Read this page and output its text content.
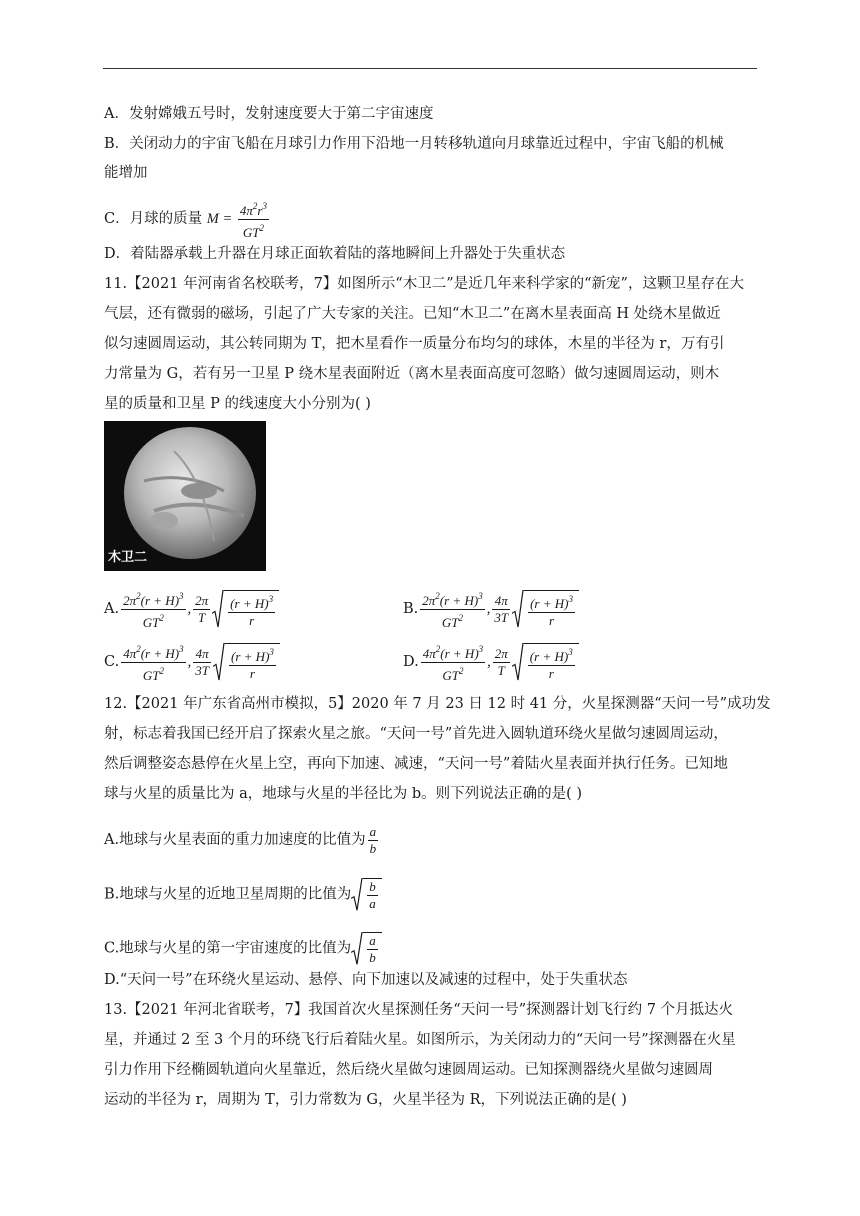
A．发射嫦娥五号时，发射速度要大于第二宇宙速度
B．关闭动力的宇宙飞船在月球引力作用下沿地一月转移轨道向月球靠近过程中，宇宙飞船的机械
能增加
C．月球的质量 $M = \frac{4\pi^2r^3}{GT^2}$
D．着陆器承载上升器在月球正面软着陆的落地瞬间上升器处于失重状态
11.【2021 年河南省名校联考，7】如图所示“木卫二”是近几年来科学家的“新宠”，这颗卫星存在大
气层，还有微弱的磁场，引起了广大专家的关注。已知“木卫二”在离木星表面高 H 处绕木星做近
似匀速圆周运动，其公转同期为 T，把木星看作一质量分布均匀的球体，木星的半径为 r，万有引
力常量为 G，若有另一卫星 P 绕木星表面附近（离木星表面高度可忽略）做匀速圆周运动，则木
星的质量和卫星 P 的线速度大小分别为( )
木卫二
A. $\frac{2\pi^2(r + H)^3}{GT^2}$ , $\frac{2\pi}{T} \frac{(r + H)^3}{r}$	B. $\frac{2\pi^2(r + H)^3}{GT^2}$ , $\frac{4\pi}{3T} \frac{(r + H)^3}{r}$
C. $\frac{4\pi^2(r + H)^3}{GT^2}$ , $\frac{4\pi}{3T} \frac{(r + H)^3}{r}$	D. $\frac{4\pi^2(r + H)^3}{GT^2}$ , $\frac{2\pi}{T} \frac{(r + H)^3}{r}$
12.【2021 年广东省高州市模拟，5】2020 年 7 月 23 日 12 时 41 分，火星探测器“天问一号”成功发
射，标志着我国已经开启了探索火星之旅。“天问一号”首先进入圆轨道环绕火星做匀速圆周运动，
然后调整姿态悬停在火星上空，再向下加速、减速，“天问一号”着陆火星表面并执行任务。已知地
球与火星的质量比为 a，地球与火星的半径比为 b。则下列说法正确的是( )
A.地球与火星表面的重力加速度的比值为 $\frac{a}{b}$
B.地球与火星的近地卫星周期的比值为 $\frac{b}{a}$
C.地球与火星的第一宇宙速度的比值为 $\frac{a}{b}$
D.“天问一号”在环绕火星运动、悬停、向下加速以及减速的过程中，处于失重状态
13.【2021 年河北省联考，7】我国首次火星探测任务“天问一号”探测器计划飞行约 7 个月抵达火
星，并通过 2 至 3 个月的环绕飞行后着陆火星。如图所示，为关闭动力的“天问一号”探测器在火星
引力作用下经椭圆轨道向火星靠近，然后绕火星做匀速圆周运动。已知探测器绕火星做匀速圆周
运动的半径为 r，周期为 T，引力常数为 G，火星半径为 R，下列说法正确的是( )
